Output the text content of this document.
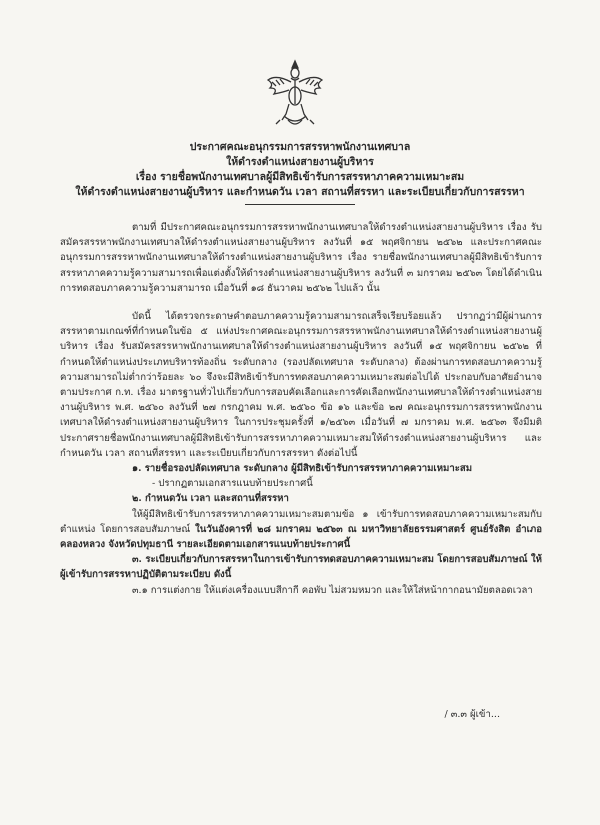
ประกาศคณะอนุกรรมการสรรหาพนักงานเทศบาล
ให้ดำรงตำแหน่งสายงานผู้บริหาร
เรื่อง รายชื่อพนักงานเทศบาลผู้มีสิทธิเข้ารับการสรรหาภาคความเหมาะสม
ให้ดำรงตำแหน่งสายงานผู้บริหาร และกำหนดวัน เวลา สถานที่สรรหา และระเบียบเกี่ยวกับการสรรหา

ตามที่ มีประกาศคณะอนุกรรมการสรรหาพนักงานเทศบาลให้ดำรงตำแหน่งสายงานผู้บริหาร เรื่อง รับสมัครสรรหาพนักงานเทศบาลให้ดำรงตำแหน่งสายงานผู้บริหาร ลงวันที่ ๑๕ พฤศจิกายน ๒๕๖๒ และประกาศคณะอนุกรรมการสรรหาพนักงานเทศบาลให้ดำรงตำแหน่งสายงานผู้บริหาร เรื่อง รายชื่อพนักงานเทศบาลผู้มีสิทธิเข้ารับการสรรหาภาคความรู้ความสามารถเพื่อแต่งตั้งให้ดำรงตำแหน่งสายงานผู้บริหาร ลงวันที่ ๓ มกราคม ๒๕๖๓ โดยได้ดำเนินการทดสอบภาคความรู้ความสามารถ เมื่อวันที่ ๑๘ ธันวาคม ๒๕๖๒ ไปแล้ว นั้น

บัดนี้ ได้ตรวจกระดาษคำตอบภาคความรู้ความสามารถเสร็จเรียบร้อยแล้ว ปรากฏว่ามีผู้ผ่านการสรรหาตามเกณฑ์ที่กำหนดในข้อ ๕ แห่งประกาศคณะอนุกรรมการสรรหาพนักงานเทศบาลให้ดำรงตำแหน่งสายงานผู้บริหาร เรื่อง รับสมัครสรรหาพนักงานเทศบาลให้ดำรงตำแหน่งสายงานผู้บริหาร ลงวันที่ ๑๕ พฤศจิกายน ๒๕๖๒ ที่กำหนดให้ตำแหน่งประเภทบริหารท้องถิ่น ระดับกลาง (รองปลัดเทศบาล ระดับกลาง) ต้องผ่านการทดสอบภาคความรู้ความสามารถไม่ต่ำกว่าร้อยละ ๖๐ จึงจะมีสิทธิเข้ารับการทดสอบภาคความเหมาะสมต่อไปได้ ประกอบกับอาศัยอำนาจตามประกาศ ก.ท. เรื่อง มาตรฐานทั่วไปเกี่ยวกับการสอบคัดเลือกและการคัดเลือกพนักงานเทศบาลให้ดำรงตำแหน่งสายงานผู้บริหาร พ.ศ. ๒๕๖๐ ลงวันที่ ๒๗ กรกฎาคม พ.ศ. ๒๕๖๐ ข้อ ๑๖ และข้อ ๒๗ คณะอนุกรรมการสรรหาพนักงานเทศบาลให้ดำรงตำแหน่งสายงานผู้บริหาร ในการประชุมครั้งที่ ๑/๒๕๖๓ เมื่อวันที่ ๗ มกราคม พ.ศ. ๒๕๖๓ จึงมีมติประกาศรายชื่อพนักงานเทศบาลผู้มีสิทธิเข้ารับการสรรหาภาคความเหมาะสมให้ดำรงตำแหน่งสายงานผู้บริหาร และกำหนดวัน เวลา สถานที่สรรหา และระเบียบเกี่ยวกับการสรรหา ดังต่อไปนี้

๑. รายชื่อรองปลัดเทศบาล ระดับกลาง ผู้มีสิทธิเข้ารับการสรรหาภาคความเหมาะสม

- ปรากฏตามเอกสารแนบท้ายประกาศนี้

๒. กำหนดวัน เวลา และสถานที่สรรหา

ให้ผู้มีสิทธิเข้ารับการสรรหาภาคความเหมาะสมตามข้อ ๑ เข้ารับการทดสอบภาคความเหมาะสมกับตำแหน่ง โดยการสอบสัมภาษณ์ ในวันอังคารที่ ๒๘ มกราคม ๒๕๖๓ ณ มหาวิทยาลัยธรรมศาสตร์ ศูนย์รังสิต อำเภอคลองหลวง จังหวัดปทุมธานี รายละเอียดตามเอกสารแนบท้ายประกาศนี้

๓. ระเบียบเกี่ยวกับการสรรหาในการเข้ารับการทดสอบภาคความเหมาะสม โดยการสอบสัมภาษณ์ ให้ผู้เข้ารับการสรรหาปฏิบัติตามระเบียบ ดังนี้

๓.๑ การแต่งกาย ให้แต่งเครื่องแบบสีกากี คอพับ ไม่สวมหมวก และให้ใส่หน้ากากอนามัยตลอดเวลา

/ ๓.๓ ผู้เข้า...
